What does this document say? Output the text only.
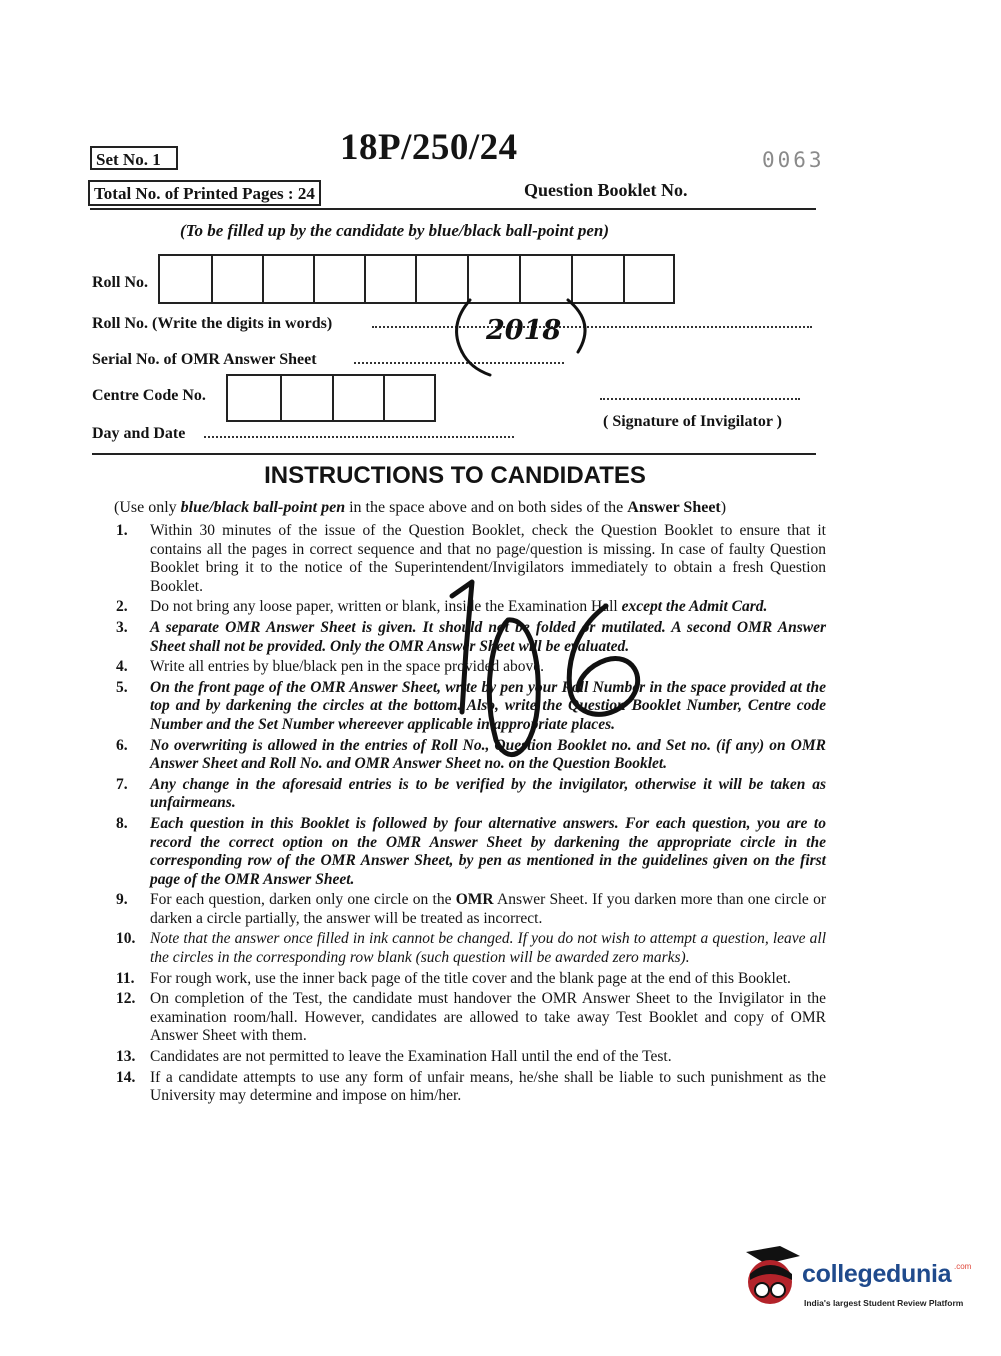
Set No. 1	18P/250/24	0063
Total No. of Printed Pages : 24	Question Booklet No.
(To be filled up by the candidate by blue/black ball-point pen)
Roll No.
Roll No. (Write the digits in words)
Serial No. of OMR Answer Sheet
Centre Code No.
( Signature of Invigilator )
Day and Date
INSTRUCTIONS TO CANDIDATES
(Use only blue/black ball-point pen in the space above and on both sides of the Answer Sheet)
1. Within 30 minutes of the issue of the Question Booklet, check the Question Booklet to ensure that it contains all the pages in correct sequence and that no page/question is missing. In case of faulty Question Booklet bring it to the notice of the Superintendent/Invigilators immediately to obtain a fresh Question Booklet.
2. Do not bring any loose paper, written or blank, inside the Examination Hall except the Admit Card.
3. A separate OMR Answer Sheet is given. It should not be folded or mutilated. A second OMR Answer Sheet shall not be provided. Only the OMR Answer Sheet will be evaluated.
4. Write all entries by blue/black pen in the space provided above.
5. On the front page of the OMR Answer Sheet, write by pen your Roll Number in the space provided at the top and by darkening the circles at the bottom. Also, write the Question Booklet Number, Centre code Number and the Set Number whereever applicable in appropriate places.
6. No overwriting is allowed in the entries of Roll No., Question Booklet no. and Set no. (if any) on OMR Answer Sheet and Roll No. and OMR Answer Sheet no. on the Question Booklet.
7. Any change in the aforesaid entries is to be verified by the invigilator, otherwise it will be taken as unfairmeans.
8. Each question in this Booklet is followed by four alternative answers. For each question, you are to record the correct option on the OMR Answer Sheet by darkening the appropriate circle in the corresponding row of the OMR Answer Sheet, by pen as mentioned in the guidelines given on the first page of the OMR Answer Sheet.
9. For each question, darken only one circle on the OMR Answer Sheet. If you darken more than one circle or darken a circle partially, the answer will be treated as incorrect.
10. Note that the answer once filled in ink cannot be changed. If you do not wish to attempt a question, leave all the circles in the corresponding row blank (such question will be awarded zero marks).
11. For rough work, use the inner back page of the title cover and the blank page at the end of this Booklet.
12. On completion of the Test, the candidate must handover the OMR Answer Sheet to the Invigilator in the examination room/hall. However, candidates are allowed to take away Test Booklet and copy of OMR Answer Sheet with them.
13. Candidates are not permitted to leave the Examination Hall until the end of the Test.
14. If a candidate attempts to use any form of unfair means, he/she shall be liable to such punishment as the University may determine and impose on him/her.
2018
collegedunia .com
India's largest Student Review Platform
